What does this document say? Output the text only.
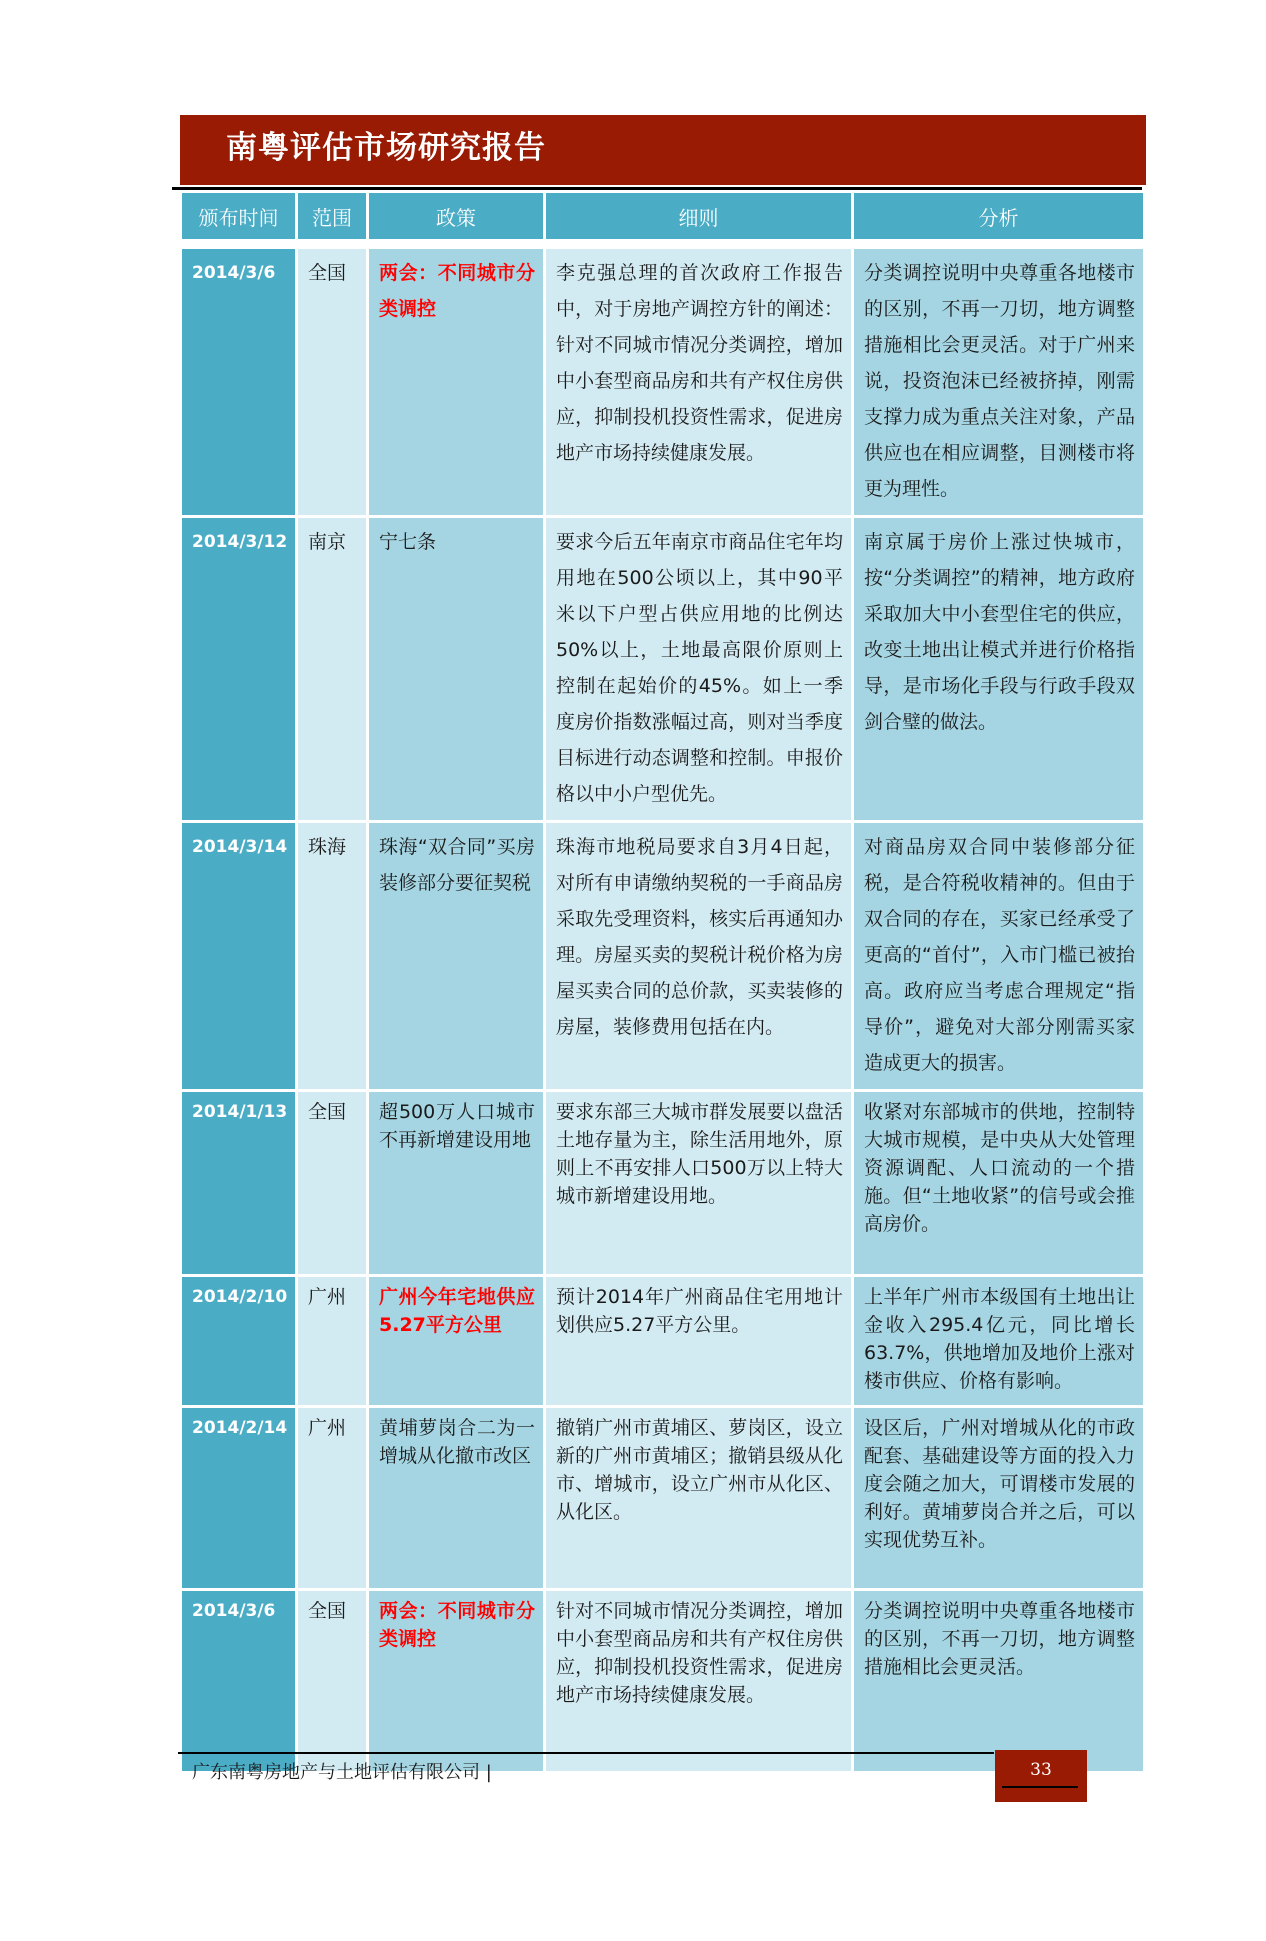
南粤评估市场研究报告
颁布时间	范围	政策	细则	分析

2014/3/6	全国	两会：不同城市分类调控	李克强总理的首次政府工作报告中，对于房地产调控方针的阐述：针对不同城市情况分类调控，增加中小套型商品房和共有产权住房供应，抑制投机投资性需求，促进房地产市场持续健康发展。	分类调控说明中央尊重各地楼市的区别，不再一刀切，地方调整措施相比会更灵活。对于广州来说，投资泡沫已经被挤掉，刚需支撑力成为重点关注对象，产品供应也在相应调整，目测楼市将更为理性。
2014/3/12	南京	宁七条	要求今后五年南京市商品住宅年均用地在500公顷以上，其中90平米以下户型占供应用地的比例达50%以上，土地最高限价原则上控制在起始价的45%。如上一季度房价指数涨幅过高，则对当季度目标进行动态调整和控制。申报价格以中小户型优先。	南京属于房价上涨过快城市，按“分类调控”的精神，地方政府采取加大中小套型住宅的供应，改变土地出让模式并进行价格指导，是市场化手段与行政手段双剑合璧的做法。
2014/3/14	珠海	珠海“双合同”买房装修部分要征契税	珠海市地税局要求自3月4日起，对所有申请缴纳契税的一手商品房采取先受理资料，核实后再通知办理。房屋买卖的契税计税价格为房屋买卖合同的总价款，买卖装修的房屋，装修费用包括在内。	对商品房双合同中装修部分征税，是合符税收精神的。但由于双合同的存在，买家已经承受了更高的“首付”，入市门槛已被抬高。政府应当考虑合理规定“指导价”，避免对大部分刚需买家造成更大的损害。
2014/1/13	全国	超500万人口城市不再新增建设用地	要求东部三大城市群发展要以盘活土地存量为主，除生活用地外，原则上不再安排人口500万以上特大城市新增建设用地。	收紧对东部城市的供地，控制特大城市规模，是中央从大处管理资源调配、人口流动的一个措施。但“土地收紧”的信号或会推高房价。
2014/2/10	广州	广州今年宅地供应5.27平方公里	预计2014年广州商品住宅用地计划供应5.27平方公里。	上半年广州市本级国有土地出让金收入295.4亿元，同比增长63.7%，供地增加及地价上涨对楼市供应、价格有影响。
2014/2/14	广州	黄埔萝岗合二为一增城从化撤市改区	撤销广州市黄埔区、萝岗区，设立新的广州市黄埔区；撤销县级从化市、增城市，设立广州市从化区、从化区。	设区后，广州对增城从化的市政配套、基础建设等方面的投入力度会随之加大，可谓楼市发展的利好。黄埔萝岗合并之后，可以实现优势互补。
2014/3/6	全国	两会：不同城市分类调控	针对不同城市情况分类调控，增加中小套型商品房和共有产权住房供应，抑制投机投资性需求，促进房地产市场持续健康发展。	分类调控说明中央尊重各地楼市的区别，不再一刀切，地方调整措施相比会更灵活。
广东南粤房地产与土地评估有限公司 |	33
